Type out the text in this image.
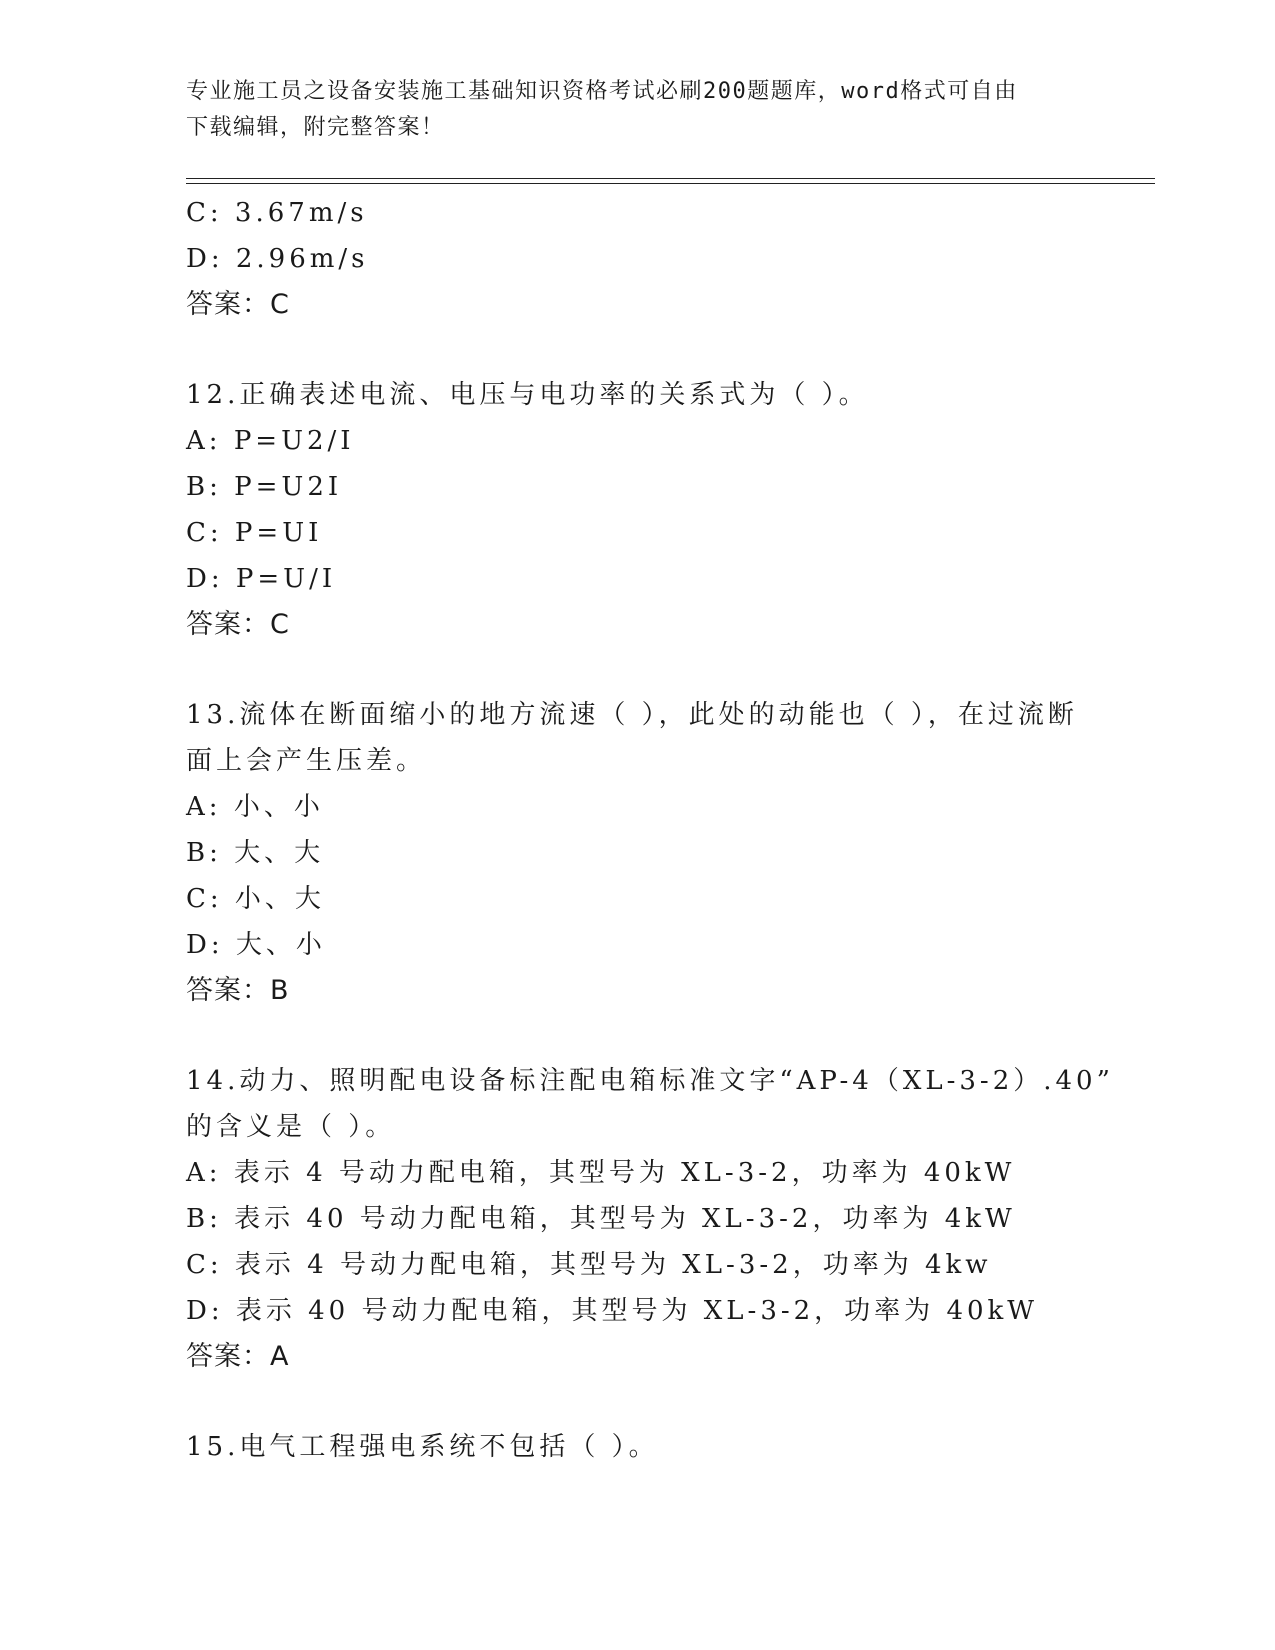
专业施工员之设备安装施工基础知识资格考试必刷200题题库，word格式可自由
下载编辑，附完整答案！
C: 3.67m/s
D: 2.96m/s
答案：C
12.正确表述电流、电压与电功率的关系式为（ ）。
A: P=U2/I
B: P=U2I
C: P=UI
D: P=U/I
答案：C
13.流体在断面缩小的地方流速（ ），此处的动能也（ ），在过流断
面上会产生压差。
A: 小、小
B: 大、大
C: 小、大
D: 大、小
答案：B
14.动力、照明配电设备标注配电箱标准文字“AP-4（XL-3-2）.40”
的含义是（ ）。
A: 表示 4 号动力配电箱，其型号为 XL-3-2，功率为 40kW
B: 表示 40 号动力配电箱，其型号为 XL-3-2，功率为 4kW
C: 表示 4 号动力配电箱，其型号为 XL-3-2，功率为 4kw
D: 表示 40 号动力配电箱，其型号为 XL-3-2，功率为 40kW
答案：A
15.电气工程强电系统不包括（ ）。
